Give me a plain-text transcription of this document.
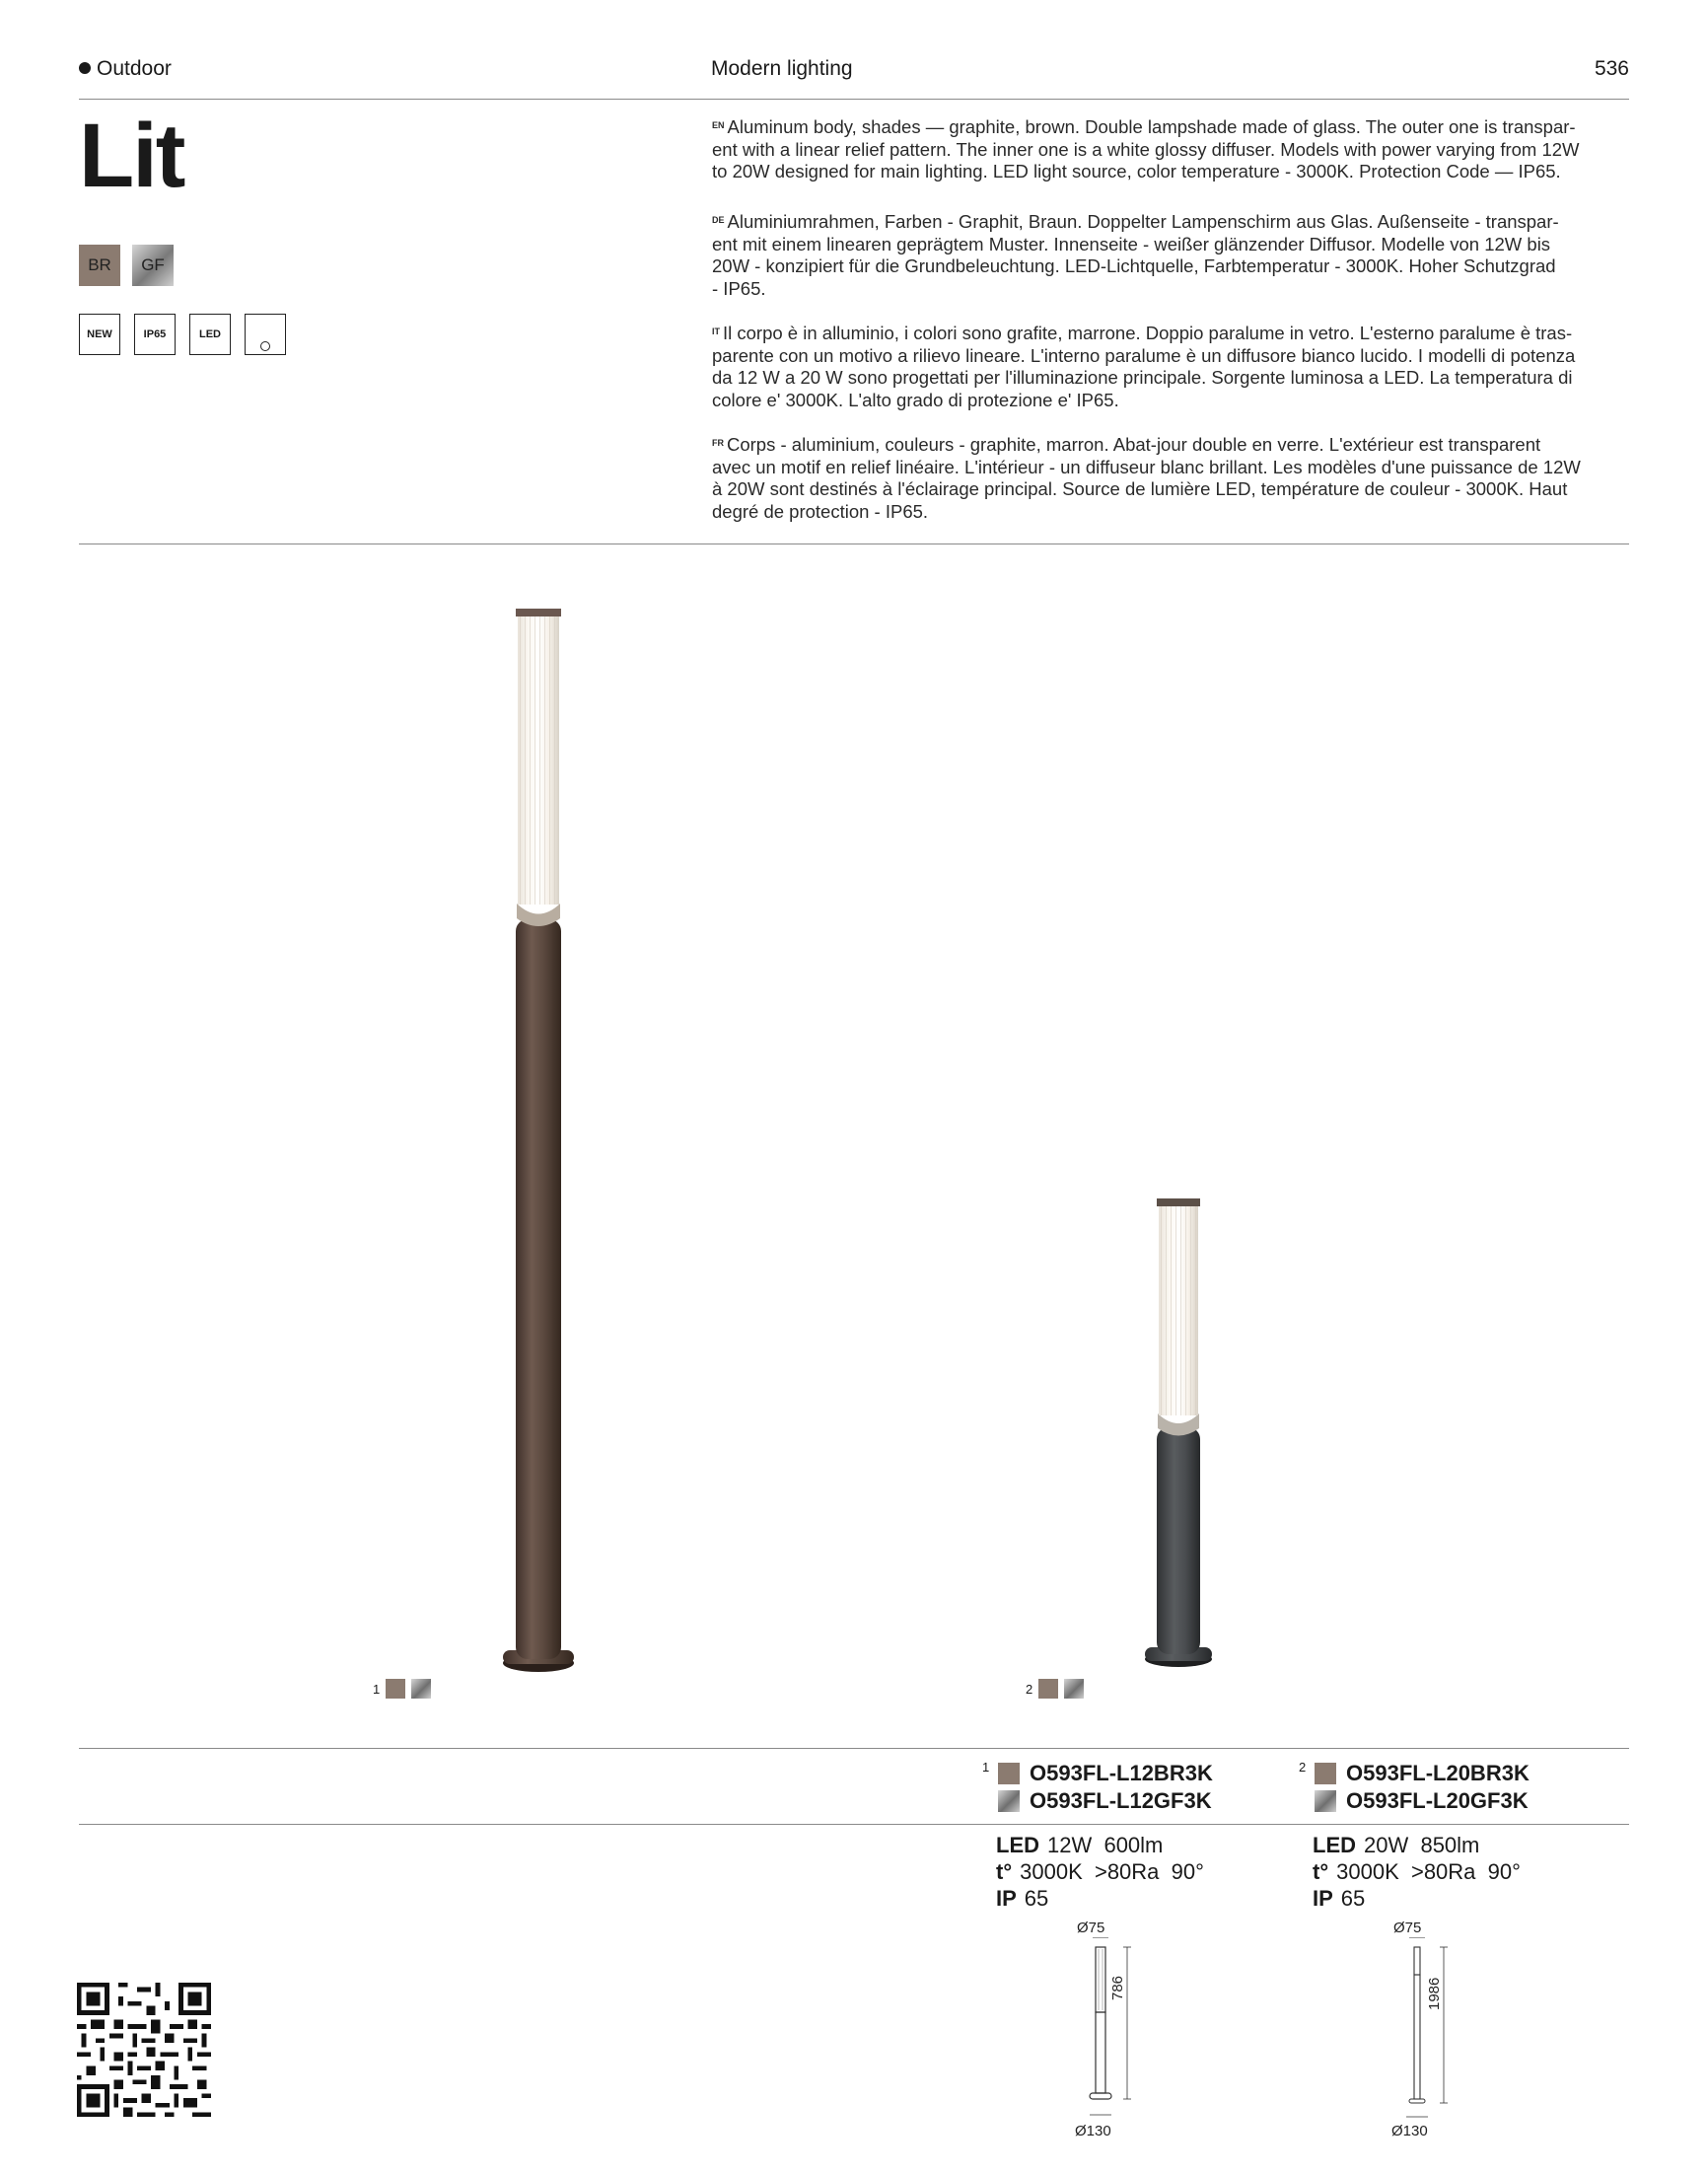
Outdoor	Modern lighting	536
Lit
BR	GF
NEW	IP65	LED
$^{EN}$ Aluminum body, shades — graphite, brown. Double lampshade made of glass. The outer one is transpar-
ent with a linear relief pattern. The inner one is a white glossy diffuser. Models with power varying from 12W
to 20W designed for main lighting. LED light source, color temperature - 3000K. Protection Code — IP65.
$^{DE}$ Aluminiumrahmen, Farben - Graphit, Braun. Doppelter Lampenschirm aus Glas. Außenseite - transpar-
ent mit einem linearen geprägtem Muster. Innenseite - weißer glänzender Diffusor. Modelle von 12W bis
20W - konzipiert für die Grundbeleuchtung. LED-Lichtquelle, Farbtemperatur - 3000K. Hoher Schutzgrad
- IP65.
$^{IT}$ Il corpo è in alluminio, i colori sono grafite, marrone. Doppio paralume in vetro. L'esterno paralume è tras-
parente con un motivo a rilievo lineare. L'interno paralume è un diffusore bianco lucido. I modelli di potenza
da 12 W a 20 W sono progettati per l'illuminazione principale. Sorgente luminosa a LED. La temperatura di
colore e' 3000K. L'alto grado di protezione e' IP65.
$^{FR}$ Corps - aluminium, couleurs - graphite, marron. Abat-jour double en verre. L'extérieur est transparent
avec un motif en relief linéaire. L'intérieur - un diffuseur blanc brillant. Les modèles d'une puissance de 12W
à 20W sont destinés à l'éclairage principal. Source de lumière LED, température de couleur - 3000K. Haut
degré de protection - IP65.
1	2
1 O593FL-L12BR3K
O593FL-L12GF3K
2 O593FL-L20BR3K
O593FL-L20GF3K
LED 12W  600lm
t° 3000K  >80Ra  90°
IP 65
LED 20W  850lm
t° 3000K  >80Ra  90°
IP 65
Ø75
Ø130
786
Ø75
Ø130
1986
